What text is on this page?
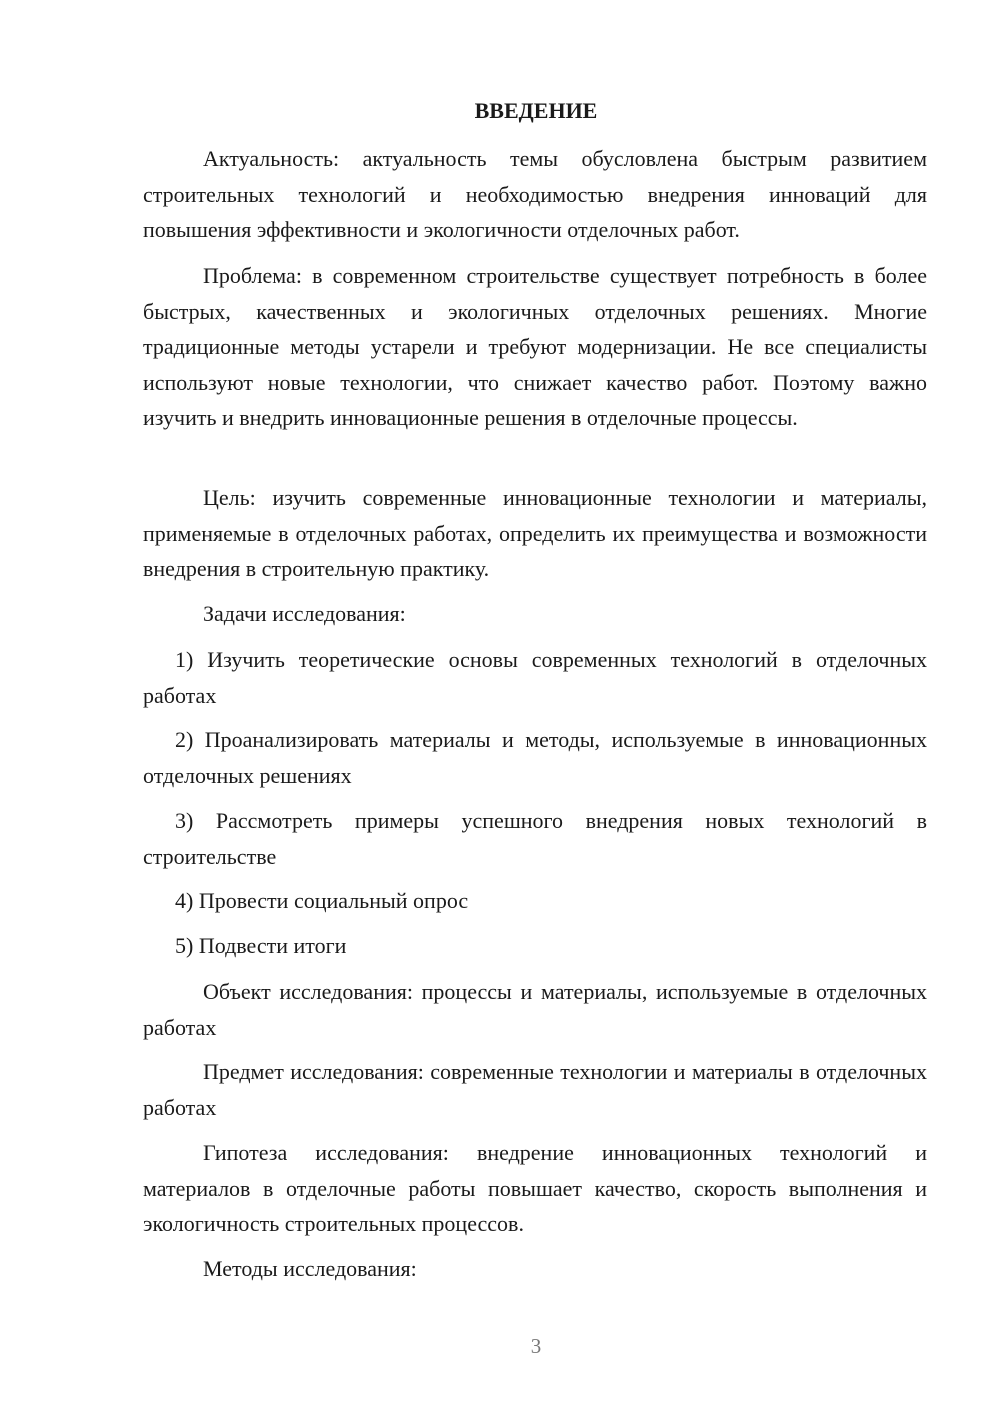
ВВЕДЕНИЕ

Актуальность: актуальность темы обусловлена быстрым развитием строительных технологий и необходимостью внедрения инноваций для повышения эффективности и экологичности отделочных работ.

Проблема: в современном строительстве существует потребность в более быстрых, качественных и экологичных отделочных решениях. Многие традиционные методы устарели и требуют модернизации. Не все специалисты используют новые технологии, что снижает качество работ. Поэтому важно изучить и внедрить инновационные решения в отделочные процессы.

Цель: изучить современные инновационные технологии и материалы, применяемые в отделочных работах, определить их преимущества и возможности внедрения в строительную практику.

Задачи исследования:

1) Изучить теоретические основы современных технологий в отделочных работах

2) Проанализировать материалы и методы, используемые в инновационных отделочных решениях

3) Рассмотреть примеры успешного внедрения новых технологий в строительстве

4) Провести социальный опрос

5) Подвести итоги

Объект исследования: процессы и материалы, используемые в отделочных работах

Предмет исследования: современные технологии и материалы в отделочных работах

Гипотеза исследования: внедрение инновационных технологий и материалов в отделочные работы повышает качество, скорость выполнения и экологичность строительных процессов.

Методы исследования:

3
